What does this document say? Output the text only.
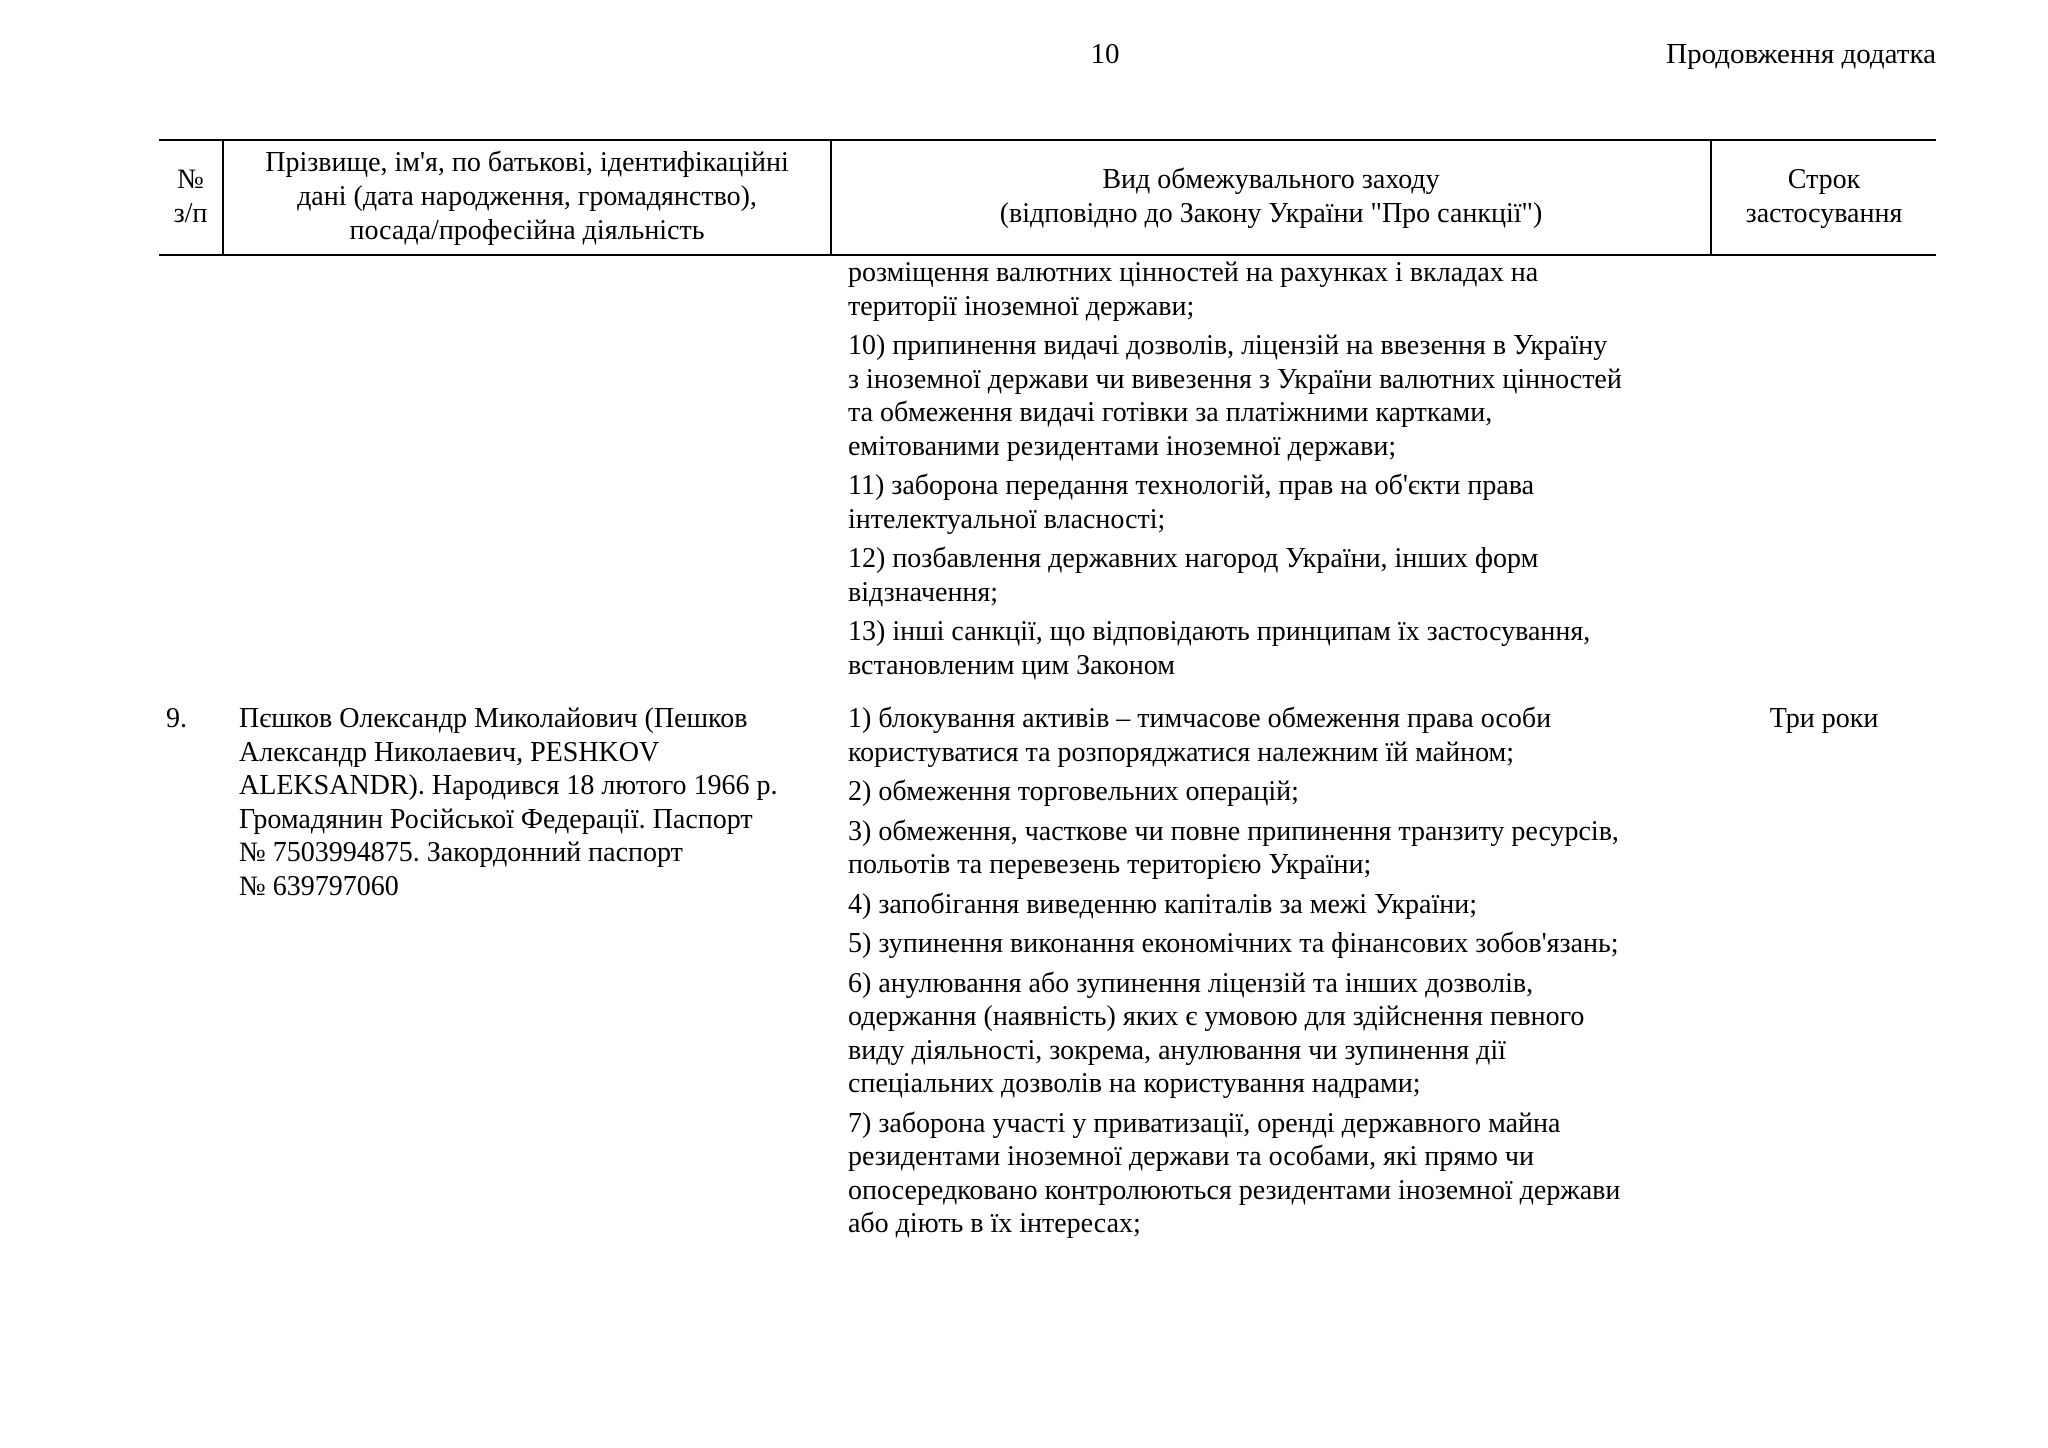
10	Продовження додатка
№
з/п
Прізвище, ім'я, по батькові, ідентифікаційні
дані (дата народження, громадянство),
посада/професійна діяльність
Вид обмежувального заходу
(відповідно до Закону України "Про санкції")
Строк
застосування
розміщення валютних цінностей на рахунках і вкладах на
території іноземної держави;
10) припинення видачі дозволів, ліцензій на ввезення в Україну
з іноземної держави чи вивезення з України валютних цінностей
та обмеження видачі готівки за платіжними картками,
емітованими резидентами іноземної держави;
11) заборона передання технологій, прав на об'єкти права
інтелектуальної власності;
12) позбавлення державних нагород України, інших форм
відзначення;
13) інші санкції, що відповідають принципам їх застосування,
встановленим цим Законом
9. Пєшков Олександр Миколайович (Пешков
Александр Николаевич, PESHKOV
ALEKSANDR). Народився 18 лютого 1966 р.
Громадянин Російської Федерації. Паспорт
№ 7503994875. Закордонний паспорт
№ 639797060
Три роки
1) блокування активів – тимчасове обмеження права особи
користуватися та розпоряджатися належним їй майном;
2) обмеження торговельних операцій;
3) обмеження, часткове чи повне припинення транзиту ресурсів,
польотів та перевезень територією України;
4) запобігання виведенню капіталів за межі України;
5) зупинення виконання економічних та фінансових зобов'язань;
6) анулювання або зупинення ліцензій та інших дозволів,
одержання (наявність) яких є умовою для здійснення певного
виду діяльності, зокрема, анулювання чи зупинення дії
спеціальних дозволів на користування надрами;
7) заборона участі у приватизації, оренді державного майна
резидентами іноземної держави та особами, які прямо чи
опосередковано контролюються резидентами іноземної держави
або діють в їх інтересах;
